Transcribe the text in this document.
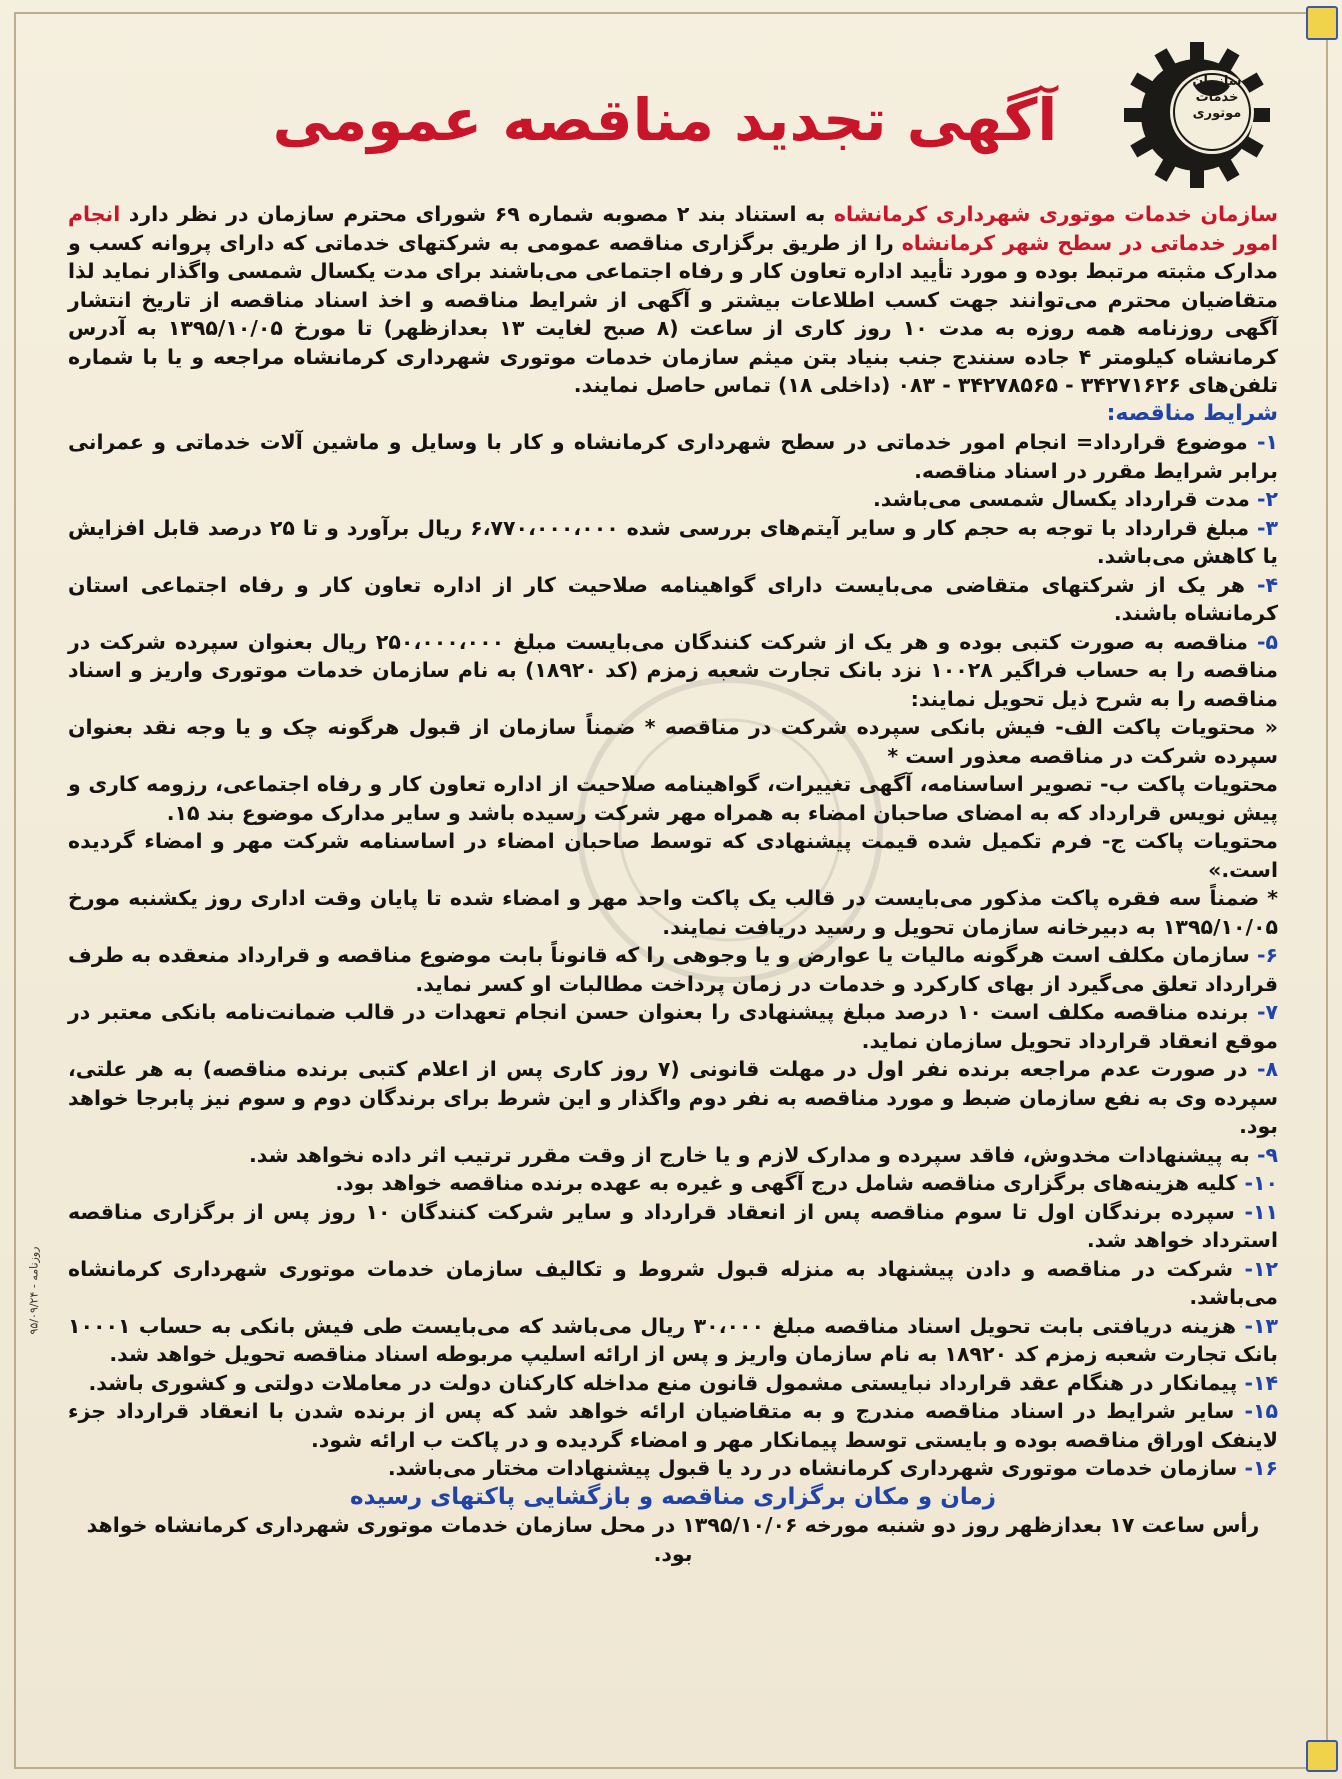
سازمان خدمات موتوری
آگهی تجدید مناقصه عمومی
روزنامه - ۹۵/۰۹/۲۴

سازمان خدمات موتوری شهرداری کرمانشاه به استناد بند ۲ مصوبه شماره ۶۹ شورای محترم سازمان در نظر دارد انجام امور خدماتی در سطح شهر کرمانشاه را از طریق برگزاری مناقصه عمومی به شرکتهای خدماتی که دارای پروانه کسب و مدارک مثبته مرتبط بوده و مورد تأیید اداره تعاون کار و رفاه اجتماعی می‌باشند برای مدت یکسال شمسی واگذار نماید لذا متقاضیان محترم می‌توانند جهت کسب اطلاعات بیشتر و آگهی از شرایط مناقصه و اخذ اسناد مناقصه از تاریخ انتشار آگهی روزنامه همه روزه به مدت ۱۰ روز کاری از ساعت (۸ صبح لغایت ۱۳ بعدازظهر) تا مورخ ۱۳۹۵/۱۰/۰۵ به آدرس کرمانشاه کیلومتر ۴ جاده سنندج جنب بنیاد بتن میثم سازمان خدمات موتوری شهرداری کرمانشاه مراجعه و یا با شماره تلفن‌های ۳۴۲۷۱۶۲۶ - ۳۴۲۷۸۵۶۵ - ۰۸۳ (داخلی ۱۸) تماس حاصل نمایند.

شرایط مناقصه:

۱- موضوع قرارداد= انجام امور خدماتی در سطح شهرداری کرمانشاه و کار با وسایل و ماشین آلات خدماتی و عمرانی برابر شرایط مقرر در اسناد مناقصه.

۲- مدت قرارداد یکسال شمسی می‌باشد.

۳- مبلغ قرارداد با توجه به حجم کار و سایر آیتم‌های بررسی شده ۶،۷۷۰،۰۰۰،۰۰۰ ریال برآورد و تا ۲۵ درصد قابل افزایش یا کاهش می‌باشد.

۴- هر یک از شرکتهای متقاضی می‌بایست دارای گواهینامه صلاحیت کار از اداره تعاون کار و رفاه اجتماعی استان کرمانشاه باشند.

۵- مناقصه به صورت کتبی بوده و هر یک از شرکت کنندگان می‌بایست مبلغ ۲۵۰،۰۰۰،۰۰۰ ریال بعنوان سپرده شرکت در مناقصه را به حساب فراگیر ۱۰۰۲۸ نزد بانک تجارت شعبه زمزم (کد ۱۸۹۲۰) به نام سازمان خدمات موتوری واریز و اسناد مناقصه را به شرح ذیل تحویل نمایند:

« محتویات پاکت الف- فیش بانکی سپرده شرکت در مناقصه * ضمناً سازمان از قبول هرگونه چک و یا وجه نقد بعنوان سپرده شرکت در مناقصه معذور است *

محتویات پاکت ب- تصویر اساسنامه، آگهی تغییرات، گواهینامه صلاحیت از اداره تعاون کار و رفاه اجتماعی، رزومه کاری و پیش نویس قرارداد که به امضای صاحبان امضاء به همراه مهر شرکت رسیده باشد و سایر مدارک موضوع بند ۱۵.

محتویات پاکت ج- فرم تکمیل شده قیمت پیشنهادی که توسط صاحبان امضاء در اساسنامه شرکت مهر و امضاء گردیده است.»

* ضمناً سه فقره پاکت مذکور می‌بایست در قالب یک پاکت واحد مهر و امضاء شده تا پایان وقت اداری روز یکشنبه مورخ ۱۳۹۵/۱۰/۰۵ به دبیرخانه سازمان تحویل و رسید دریافت نمایند.

۶- سازمان مکلف است هرگونه مالیات یا عوارض و یا وجوهی را که قانوناً بابت موضوع مناقصه و قرارداد منعقده به طرف قرارداد تعلق می‌گیرد از بهای کارکرد و خدمات در زمان پرداخت مطالبات او کسر نماید.

۷- برنده مناقصه مکلف است ۱۰ درصد مبلغ پیشنهادی را بعنوان حسن انجام تعهدات در قالب ضمانت‌نامه بانکی معتبر در موقع انعقاد قرارداد تحویل سازمان نماید.

۸- در صورت عدم مراجعه برنده نفر اول در مهلت قانونی (۷ روز کاری پس از اعلام کتبی برنده مناقصه) به هر علتی، سپرده وی به نفع سازمان ضبط و مورد مناقصه به نفر دوم واگذار و این شرط برای برندگان دوم و سوم نیز پابرجا خواهد بود.

۹- به پیشنهادات مخدوش، فاقد سپرده و مدارک لازم و یا خارج از وقت مقرر ترتیب اثر داده نخواهد شد.

۱۰- کلیه هزینه‌های برگزاری مناقصه شامل درج آگهی و غیره به عهده برنده مناقصه خواهد بود.

۱۱- سپرده برندگان اول تا سوم مناقصه پس از انعقاد قرارداد و سایر شرکت کنندگان ۱۰ روز پس از برگزاری مناقصه استرداد خواهد شد.

۱۲- شرکت در مناقصه و دادن پیشنهاد به منزله قبول شروط و تکالیف سازمان خدمات موتوری شهرداری کرمانشاه می‌باشد.

۱۳- هزینه دریافتی بابت تحویل اسناد مناقصه مبلغ ۳۰،۰۰۰ ریال می‌باشد که می‌بایست طی فیش بانکی به حساب ۱۰۰۰۱ بانک تجارت شعبه زمزم کد ۱۸۹۲۰ به نام سازمان واریز و پس از ارائه اسلیپ مربوطه اسناد مناقصه تحویل خواهد شد.

۱۴- پیمانکار در هنگام عقد قرارداد نبایستی مشمول قانون منع مداخله کارکنان دولت در معاملات دولتی و کشوری باشد.

۱۵- سایر شرایط در اسناد مناقصه مندرج و به متقاضیان ارائه خواهد شد که پس از برنده شدن با انعقاد قرارداد جزء لاینفک اوراق مناقصه بوده و بایستی توسط پیمانکار مهر و امضاء گردیده و در پاکت ب ارائه شود.

۱۶- سازمان خدمات موتوری شهرداری کرمانشاه در رد یا قبول پیشنهادات مختار می‌باشد.

زمان و مکان برگزاری مناقصه و بازگشایی پاکتهای رسیده

رأس ساعت ۱۷ بعدازظهر روز دو شنبه مورخه ۱۳۹۵/۱۰/۰۶ در محل سازمان خدمات موتوری شهرداری کرمانشاه خواهد بود.
